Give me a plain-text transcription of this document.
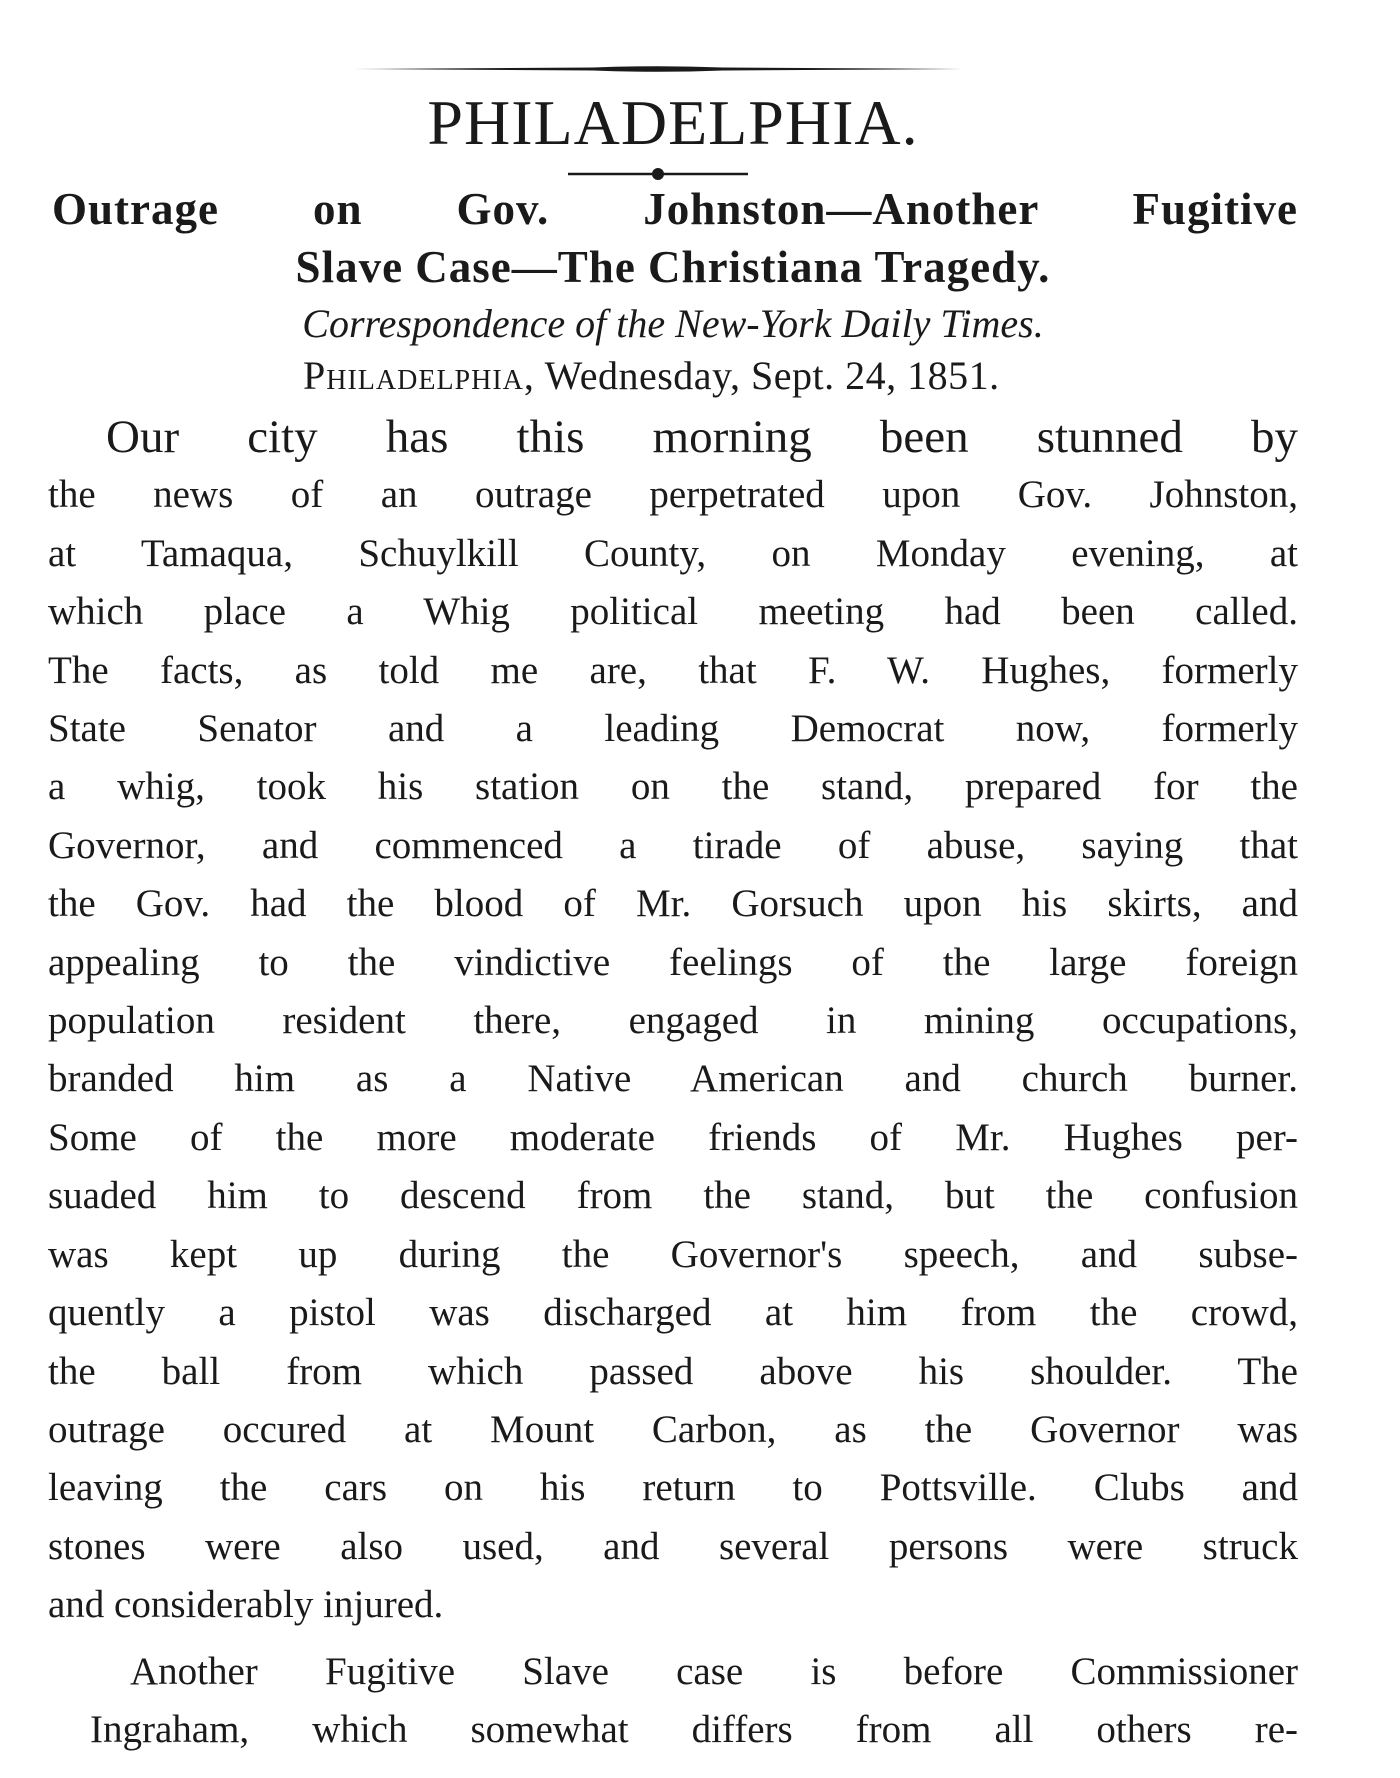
PHILADELPHIA.
Outrage on Gov. Johnston—Another Fugitive
Slave Case—The Christiana Tragedy.

Correspondence of the New-York Daily Times.

Philadelphia, Wednesday, Sept. 24, 1851.

Our city has this morning been stunned by
the news of an outrage perpetrated upon Gov. Johnston,
at Tamaqua, Schuylkill County, on Monday evening, at
which place a Whig political meeting had been called.
The facts, as told me are, that F. W. Hughes, formerly
State Senator and a leading Democrat now, formerly
a whig, took his station on the stand, prepared for the
Governor, and commenced a tirade of abuse, saying that
the Gov. had the blood of Mr. Gorsuch upon his skirts, and
appealing to the vindictive feelings of the large foreign
population resident there, engaged in mining occupations,
branded him as a Native American and church burner.
Some of the more moderate friends of Mr. Hughes per-
suaded him to descend from the stand, but the confusion
was kept up during the Governor's speech, and subse-
quently a pistol was discharged at him from the crowd,
the ball from which passed above his shoulder. The
outrage occured at Mount Carbon, as the Governor was
leaving the cars on his return to Pottsville. Clubs and
stones were also used, and several persons were struck
and considerably injured.
Another Fugitive Slave case is before Commissioner
Ingraham, which somewhat differs from all others re-
